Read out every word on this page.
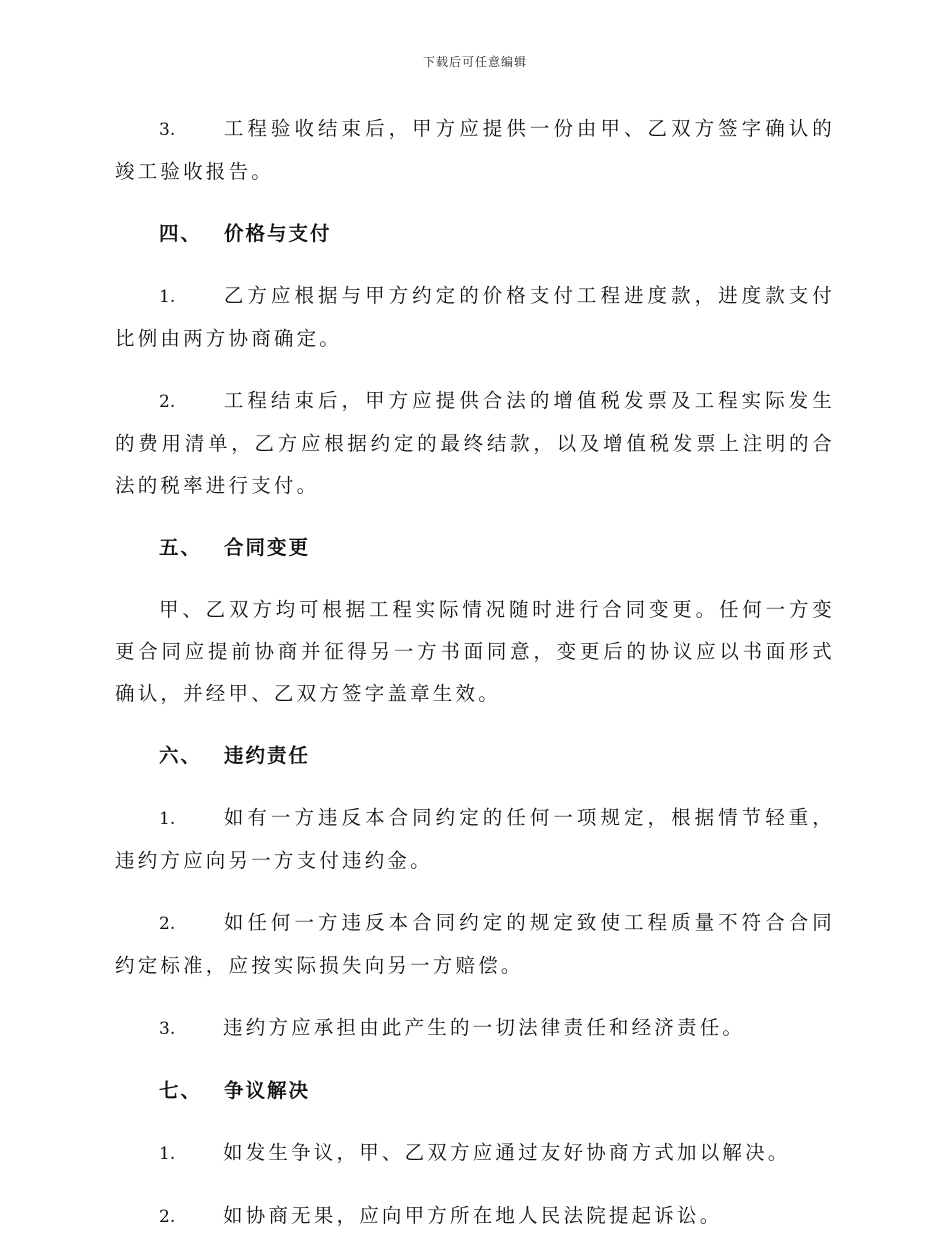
下载后可任意编辑

3. 工程验收结束后，甲方应提供一份由甲、乙双方签字确认的竣工验收报告。

四、 价格与支付

1. 乙方应根据与甲方约定的价格支付工程进度款，进度款支付比例由两方协商确定。

2. 工程结束后，甲方应提供合法的增值税发票及工程实际发生的费用清单，乙方应根据约定的最终结款，以及增值税发票上注明的合法的税率进行支付。

五、 合同变更

甲、乙双方均可根据工程实际情况随时进行合同变更。任何一方变更合同应提前协商并征得另一方书面同意，变更后的协议应以书面形式确认，并经甲、乙双方签字盖章生效。

六、 违约责任

1. 如有一方违反本合同约定的任何一项规定，根据情节轻重，违约方应向另一方支付违约金。

2. 如任何一方违反本合同约定的规定致使工程质量不符合合同约定标准，应按实际损失向另一方赔偿。

3. 违约方应承担由此产生的一切法律责任和经济责任。

七、 争议解决

1. 如发生争议，甲、乙双方应通过友好协商方式加以解决。

2. 如协商无果，应向甲方所在地人民法院提起诉讼。
